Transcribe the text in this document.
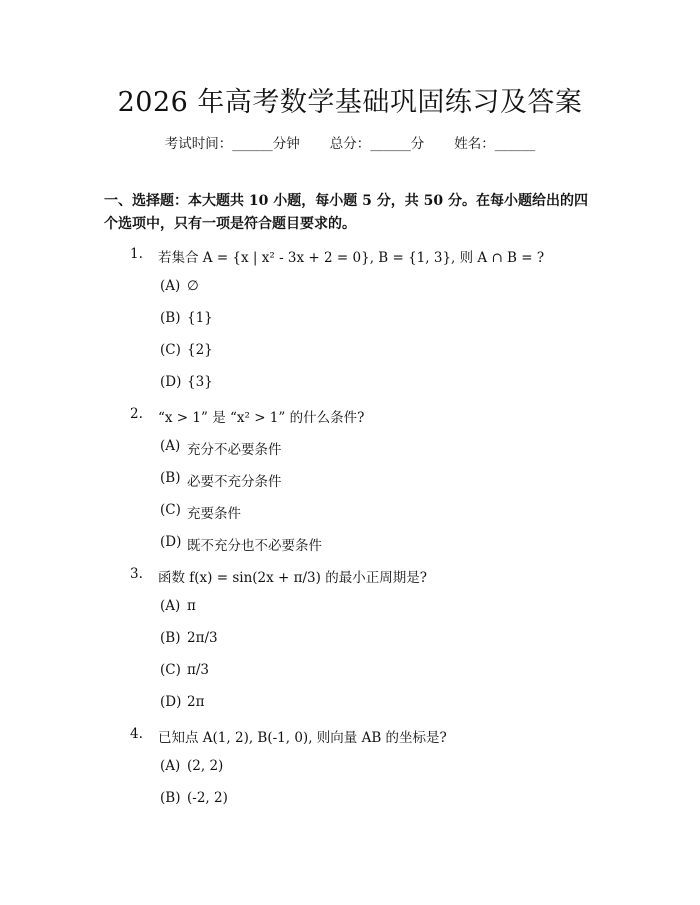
2026 年高考数学基础巩固练习及答案
考试时间：______分钟 总分：______分 姓名：______
一、选择题：本大题共 10 小题，每小题 5 分，共 50 分。在每小题给出的四个选项中，只有一项是符合题目要求的。
1. 若集合 A = {x | x² - 3x + 2 = 0}, B = {1, 3}, 则 A ∩ B = ?
(A) ∅
(B) {1}
(C) {2}
(D) {3}
2. “x > 1” 是 “x² > 1” 的什么条件?
(A) 充分不必要条件
(B) 必要不充分条件
(C) 充要条件
(D) 既不充分也不必要条件
3. 函数 f(x) = sin(2x + π/3) 的最小正周期是?
(A) π
(B) 2π/3
(C) π/3
(D) 2π
4. 已知点 A(1, 2), B(-1, 0), 则向量 AB 的坐标是?
(A) (2, 2)
(B) (-2, 2)
